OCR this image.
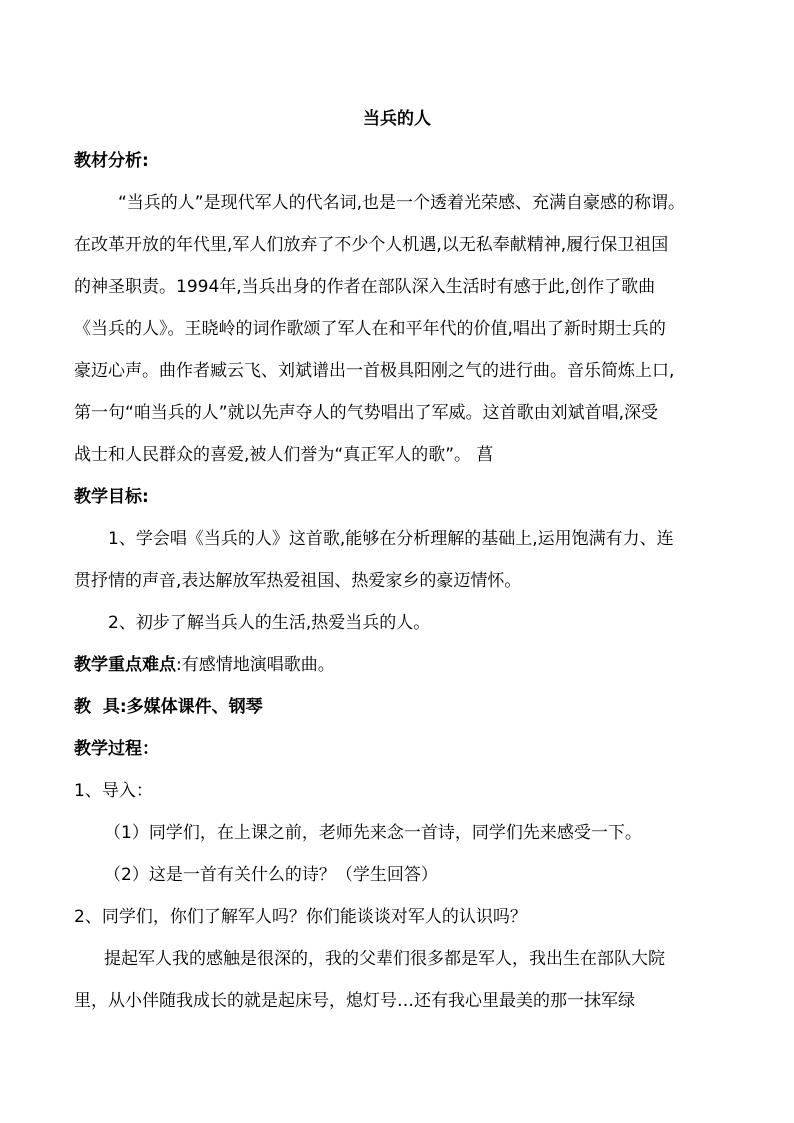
当兵的人
教材分析:
“当兵的人”是现代军人的代名词,也是一个透着光荣感、充满自豪感的称谓。
在改革开放的年代里,军人们放弃了不少个人机遇,以无私奉献精神,履行保卫祖国
的神圣职责。1994年,当兵出身的作者在部队深入生活时有感于此,创作了歌曲
《当兵的人》。王晓岭的词作歌颂了军人在和平年代的价值,唱出了新时期士兵的
豪迈心声。曲作者臧云飞、刘斌谱出一首极具阳刚之气的进行曲。音乐简炼上口,
第一句“咱当兵的人”就以先声夺人的气势唱出了军威。这首歌由刘斌首唱,深受
战士和人民群众的喜爱,被人们誉为“真正军人的歌”。 菖
教学目标:
1、学会唱《当兵的人》这首歌,能够在分析理解的基础上,运用饱满有力、连
贯抒情的声音,表达解放军热爱祖国、热爱家乡的豪迈情怀。
2、初步了解当兵人的生活,热爱当兵的人。
教学重点难点:有感情地演唱歌曲。
教  具:多媒体课件、钢琴
教学过程：
1、导入：
（1）同学们，在上课之前，老师先来念一首诗，同学们先来感受一下。
（2）这是一首有关什么的诗？（学生回答）
2、同学们，你们了解军人吗？你们能谈谈对军人的认识吗？
提起军人我的感触是很深的，我的父辈们很多都是军人，我出生在部队大院
里，从小伴随我成长的就是起床号，熄灯号…还有我心里最美的那一抹军绿
